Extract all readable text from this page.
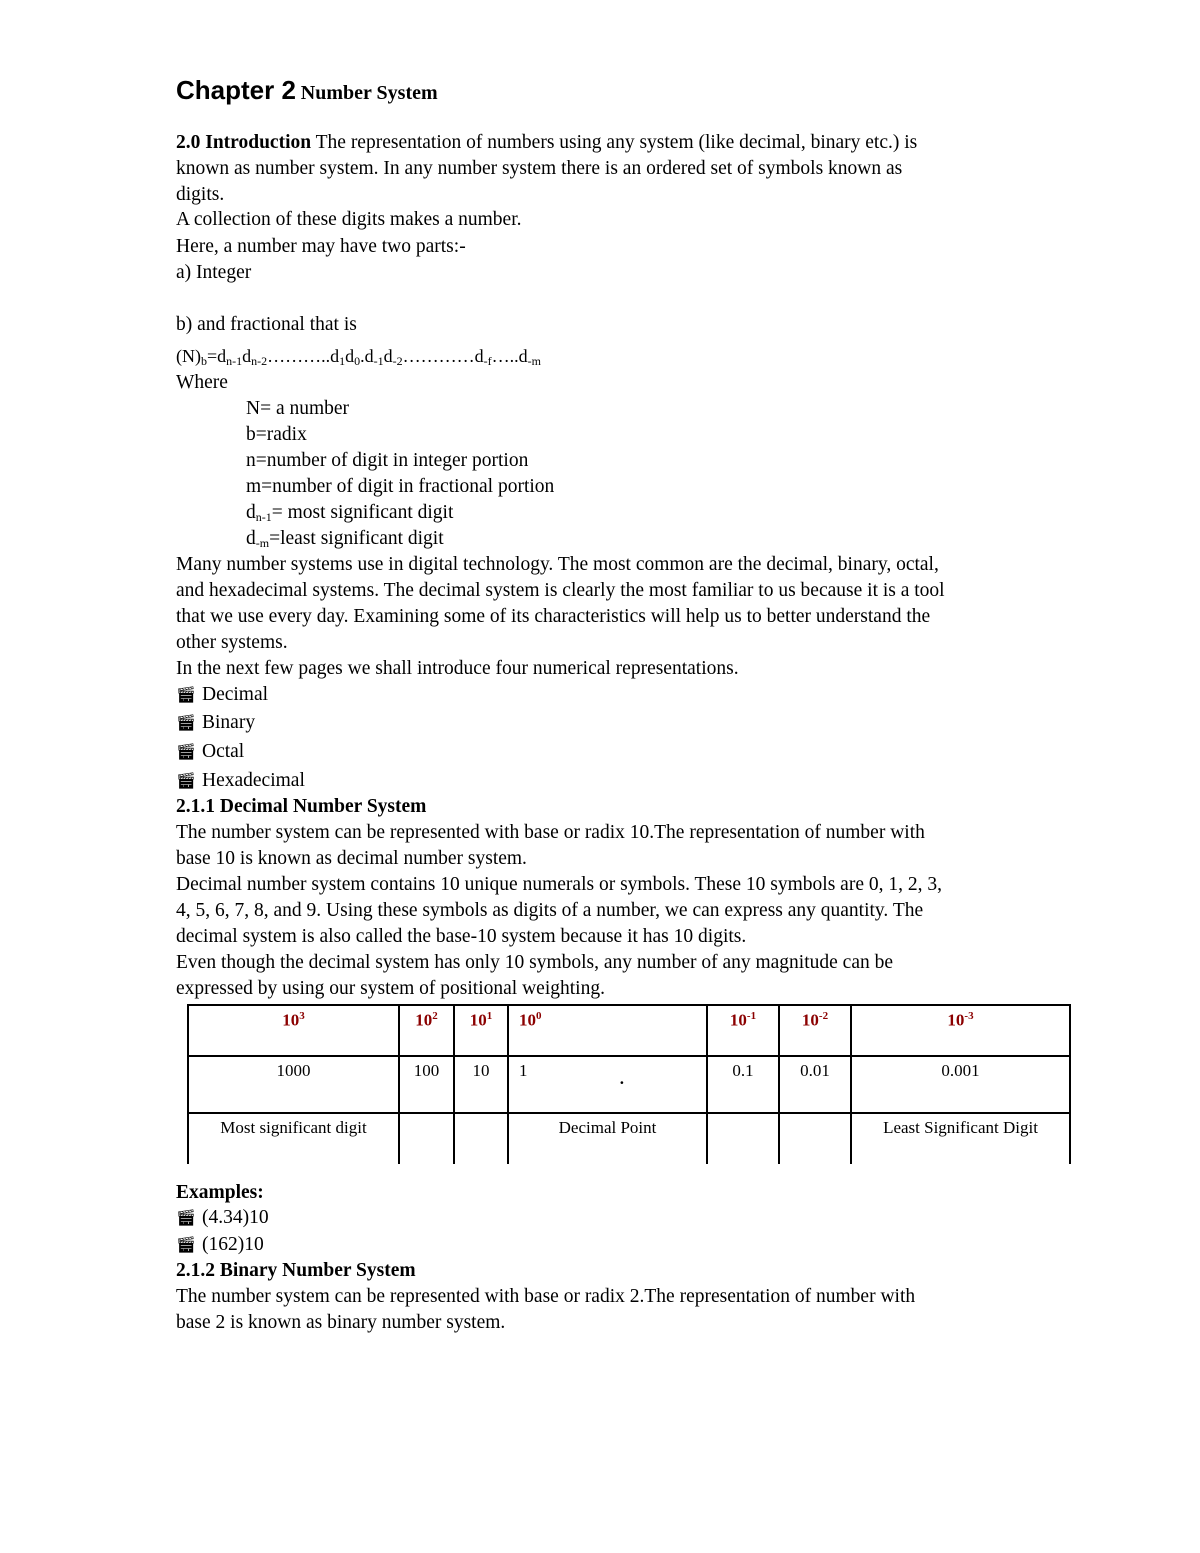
Chapter 2 Number System
2.0 Introduction The representation of numbers using any system (like decimal, binary etc.) is
known as number system. In any number system there is an ordered set of symbols known as
digits.
A collection of these digits makes a number.
Here, a number may have two parts:-
a) Integer
b) and fractional that is
$(N)_b=d_{n-1}d_{n-2}\dots\dots\dots..d_1d_0.d_{-1}d_{-2}\dots\dots\dots\dots d_{-f}\dots..d_{-m}$
Where
N= a number
b=radix
n=number of digit in integer portion
m=number of digit in fractional portion
$d_{n-1}=$ most significant digit
$d_{-m}=least$ significant digit
Many number systems use in digital technology. The most common are the decimal, binary, octal,
and hexadecimal systems. The decimal system is clearly the most familiar to us because it is a tool
that we use every day. Examining some of its characteristics will help us to better understand the
other systems.
In the next few pages we shall introduce four numerical representations.
🎬︎ Decimal
🎬︎ Binary
🎬︎ Octal
🎬︎ Hexadecimal
2.1.1 Decimal Number System
The number system can be represented with base or radix 10.The representation of number with
base 10 is known as decimal number system.
Decimal number system contains 10 unique numerals or symbols. These 10 symbols are 0, 1, 2, 3,
4, 5, 6, 7, 8, and 9. Using these symbols as digits of a number, we can express any quantity. The
decimal system is also called the base-10 system because it has 10 digits.
Even though the decimal system has only 10 symbols, any number of any magnitude can be
expressed by using our system of positional weighting.
$10^3$	$10^2$	$10^1$	$10^0$	$10^{-1}$	$10^{-2}$	$10^{-3}$
1000	100	10	1 .	0.1	0.01	0.001
Most significant digit			Decimal Point			Least Significant Digit
Examples:
🎬︎ (4.34)10
🎬︎ (162)10
2.1.2 Binary Number System
The number system can be represented with base or radix 2.The representation of number with
base 2 is known as binary number system.
